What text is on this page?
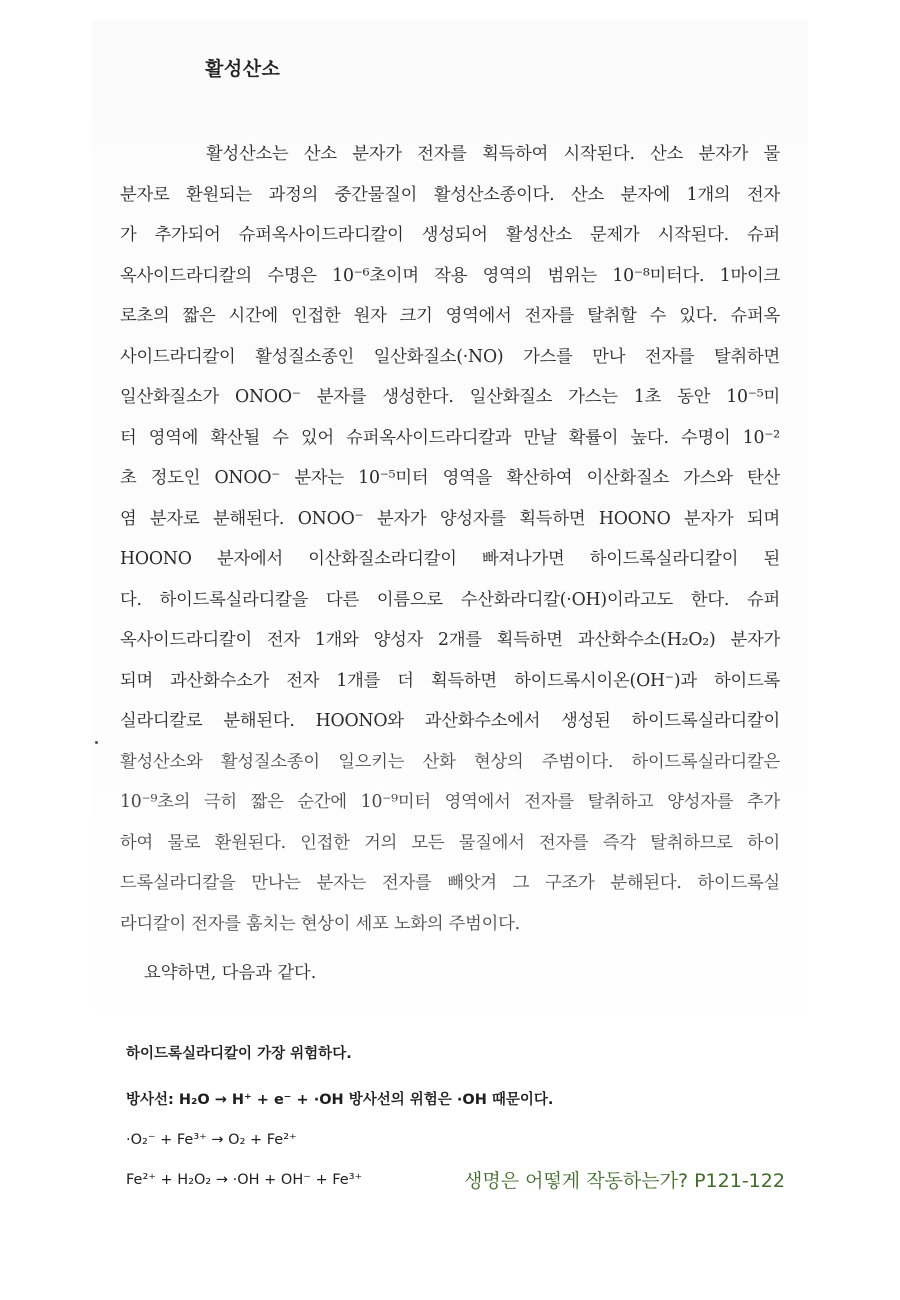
활성산소
활성산소는 산소 분자가 전자를 획득하여 시작된다. 산소 분자가 물
분자로 환원되는 과정의 중간물질이 활성산소종이다. 산소 분자에 1개의 전자
가 추가되어 슈퍼옥사이드라디칼이 생성되어 활성산소 문제가 시작된다. 슈퍼
옥사이드라디칼의 수명은 10⁻⁶초이며 작용 영역의 범위는 10⁻⁸미터다. 1마이크
로초의 짧은 시간에 인접한 원자 크기 영역에서 전자를 탈취할 수 있다. 슈퍼옥
사이드라디칼이 활성질소종인 일산화질소(·NO) 가스를 만나 전자를 탈취하면
일산화질소가 ONOO⁻ 분자를 생성한다. 일산화질소 가스는 1초 동안 10⁻⁵미
터 영역에 확산될 수 있어 슈퍼옥사이드라디칼과 만날 확률이 높다. 수명이 10⁻²
초 정도인 ONOO⁻ 분자는 10⁻⁵미터 영역을 확산하여 이산화질소 가스와 탄산
염 분자로 분해된다. ONOO⁻ 분자가 양성자를 획득하면 HOONO 분자가 되며
HOONO 분자에서 이산화질소라디칼이 빠져나가면 하이드록실라디칼이 된
다. 하이드록실라디칼을 다른 이름으로 수산화라디칼(·OH)이라고도 한다. 슈퍼
옥사이드라디칼이 전자 1개와 양성자 2개를 획득하면 과산화수소(H₂O₂) 분자가
되며 과산화수소가 전자 1개를 더 획득하면 하이드록시이온(OH⁻)과 하이드록
실라디칼로 분해된다. HOONO와 과산화수소에서 생성된 하이드록실라디칼이
활성산소와 활성질소종이 일으키는 산화 현상의 주범이다. 하이드록실라디칼은
10⁻⁹초의 극히 짧은 순간에 10⁻⁹미터 영역에서 전자를 탈취하고 양성자를 추가
하여 물로 환원된다. 인접한 거의 모든 물질에서 전자를 즉각 탈취하므로 하이
드록실라디칼을 만나는 분자는 전자를 빼앗겨 그 구조가 분해된다. 하이드록실
라디칼이 전자를 훔치는 현상이 세포 노화의 주범이다.
요약하면, 다음과 같다.
하이드록실라디칼이 가장 위험하다.
방사선: H₂O → H⁺ + e⁻ + ·OH 방사선의 위험은 ·OH 때문이다.
·O₂⁻ + Fe³⁺ → O₂ + Fe²⁺
Fe²⁺ + H₂O₂ → ·OH + OH⁻ + Fe³⁺	생명은 어떻게 작동하는가? P121-122
